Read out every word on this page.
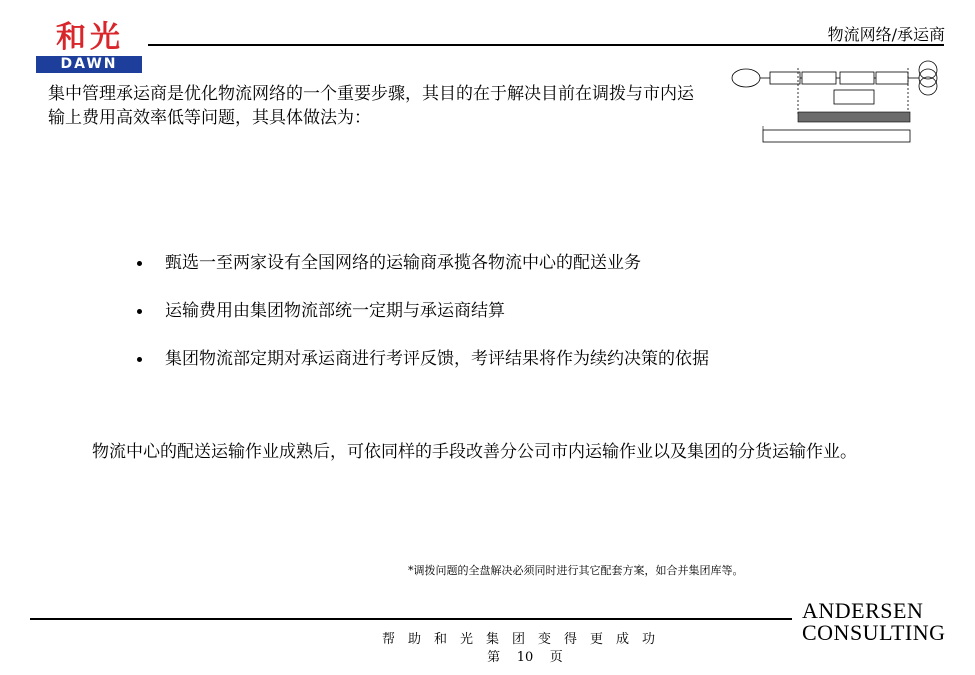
和光
DAWN
物流网络/承运商
集中管理承运商是优化物流网络的一个重要步骤，其目的在于解决目前在调拨与市内运输上费用高效率低等问题，其具体做法为：
甄选一至两家设有全国网络的运输商承揽各物流中心的配送业务
运输费用由集团物流部统一定期与承运商结算
集团物流部定期对承运商进行考评反馈，考评结果将作为续约决策的依据
物流中心的配送运输作业成熟后，可依同样的手段改善分公司市内运输作业以及集团的分货运输作业。
*调拨问题的全盘解决必须同时进行其它配套方案，如合并集团库等。
帮助和光集团变得更成功
第 10 页
ANDERSEN
CONSULTING
